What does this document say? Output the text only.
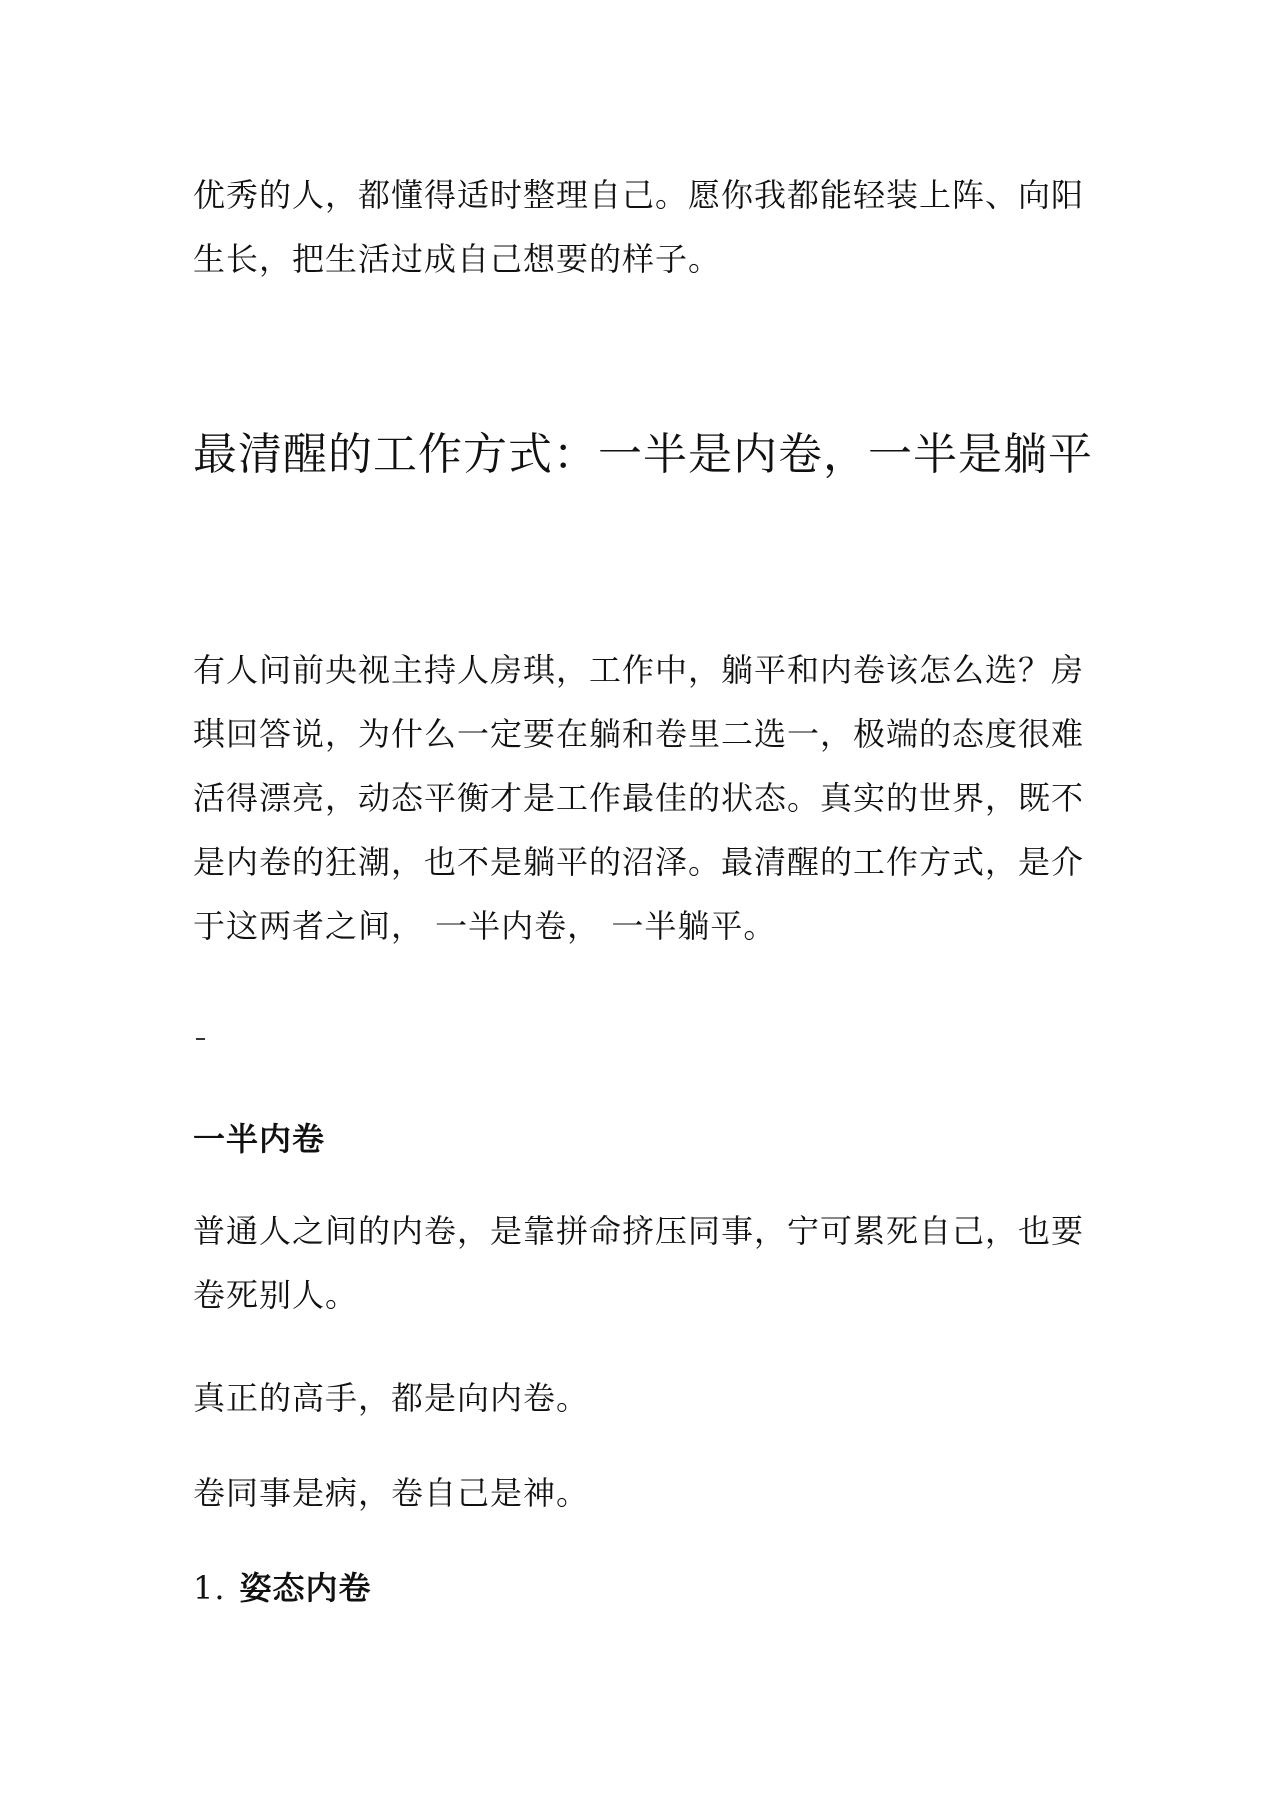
优秀的人，都懂得适时整理自己。愿你我都能轻装上阵、向阳生长，把生活过成自己想要的样子。

最清醒的工作方式：一半是内卷，一半是躺平

有人问前央视主持人房琪，工作中，躺平和内卷该怎么选？房琪回答说，为什么一定要在躺和卷里二选一，极端的态度很难活得漂亮，动态平衡才是工作最佳的状态。真实的世界，既不是内卷的狂潮，也不是躺平的沼泽。最清醒的工作方式，是介于这两者之间， 一半内卷， 一半躺平。

一半内卷

普通人之间的内卷，是靠拼命挤压同事，宁可累死自己，也要卷死别人。

真正的高手，都是向内卷。

卷同事是病，卷自己是神。

1. 姿态内卷
